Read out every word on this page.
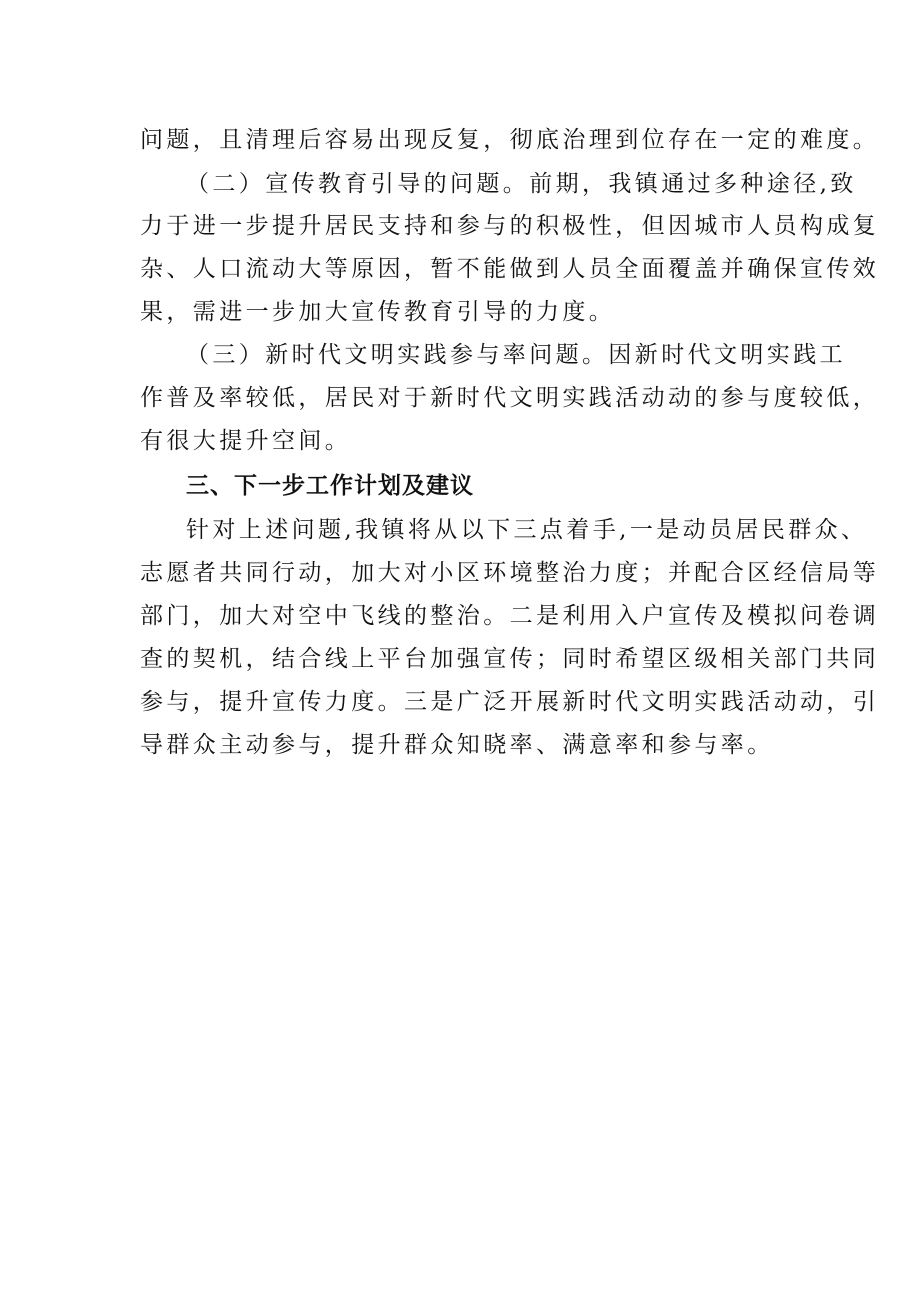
问题，且清理后容易出现反复，彻底治理到位存在一定的难度。
（二）宣传教育引导的问题。前期，我镇通过多种途径,致
力于进一步提升居民支持和参与的积极性，但因城市人员构成复
杂、人口流动大等原因，暂不能做到人员全面覆盖并确保宣传效
果，需进一步加大宣传教育引导的力度。
（三）新时代文明实践参与率问题。因新时代文明实践工
作普及率较低，居民对于新时代文明实践活动动的参与度较低，
有很大提升空间。
三、下一步工作计划及建议
针对上述问题,我镇将从以下三点着手,一是动员居民群众、
志愿者共同行动，加大对小区环境整治力度；并配合区经信局等
部门，加大对空中飞线的整治。二是利用入户宣传及模拟问卷调
查的契机，结合线上平台加强宣传；同时希望区级相关部门共同
参与，提升宣传力度。三是广泛开展新时代文明实践活动动，引
导群众主动参与，提升群众知晓率、满意率和参与率。
